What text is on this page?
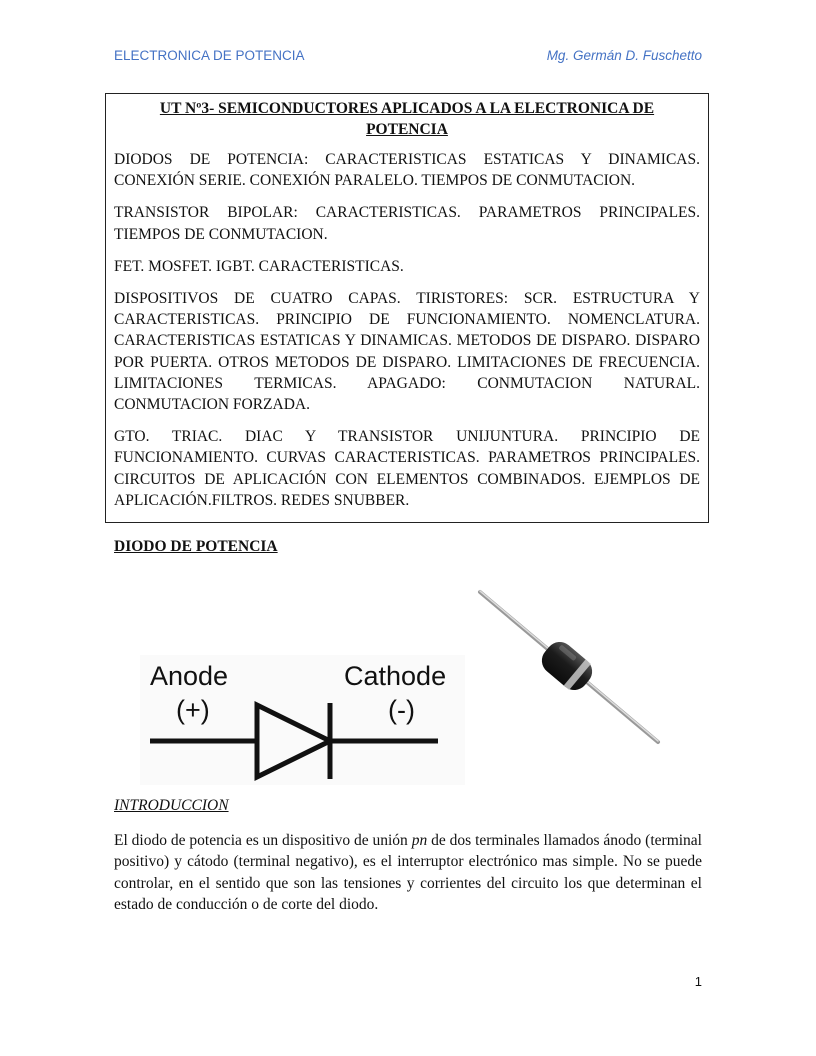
ELECTRONICA DE POTENCIA	Mg. Germán D. Fuschetto
UT Nº3- SEMICONDUCTORES APLICADOS A LA ELECTRONICA DE
POTENCIA

DIODOS DE POTENCIA: CARACTERISTICAS ESTATICAS Y DINAMICAS. CONEXIÓN SERIE. CONEXIÓN PARALELO. TIEMPOS DE CONMUTACION.

TRANSISTOR BIPOLAR: CARACTERISTICAS. PARAMETROS PRINCIPALES. TIEMPOS DE CONMUTACION.

FET. MOSFET. IGBT. CARACTERISTICAS.

DISPOSITIVOS DE CUATRO CAPAS. TIRISTORES: SCR. ESTRUCTURA Y CARACTERISTICAS. PRINCIPIO DE FUNCIONAMIENTO. NOMENCLATURA. CARACTERISTICAS ESTATICAS Y DINAMICAS. METODOS DE DISPARO. DISPARO POR PUERTA. OTROS METODOS DE DISPARO. LIMITACIONES DE FRECUENCIA. LIMITACIONES TERMICAS. APAGADO: CONMUTACION NATURAL. CONMUTACION FORZADA.

GTO. TRIAC. DIAC Y TRANSISTOR UNIJUNTURA. PRINCIPIO DE FUNCIONAMIENTO. CURVAS CARACTERISTICAS. PARAMETROS PRINCIPALES. CIRCUITOS DE APLICACIÓN CON ELEMENTOS COMBINADOS. EJEMPLOS DE APLICACIÓN.FILTROS. REDES SNUBBER.

DIODO DE POTENCIA
Anode
(+)
Cathode
(-)
INTRODUCCION

El diodo de potencia es un dispositivo de unión pn de dos terminales llamados ánodo (terminal positivo) y cátodo (terminal negativo), es el interruptor electrónico mas simple. No se puede controlar, en el sentido que son las tensiones y corrientes del circuito los que determinan el estado de conducción o de corte del diodo.

1
